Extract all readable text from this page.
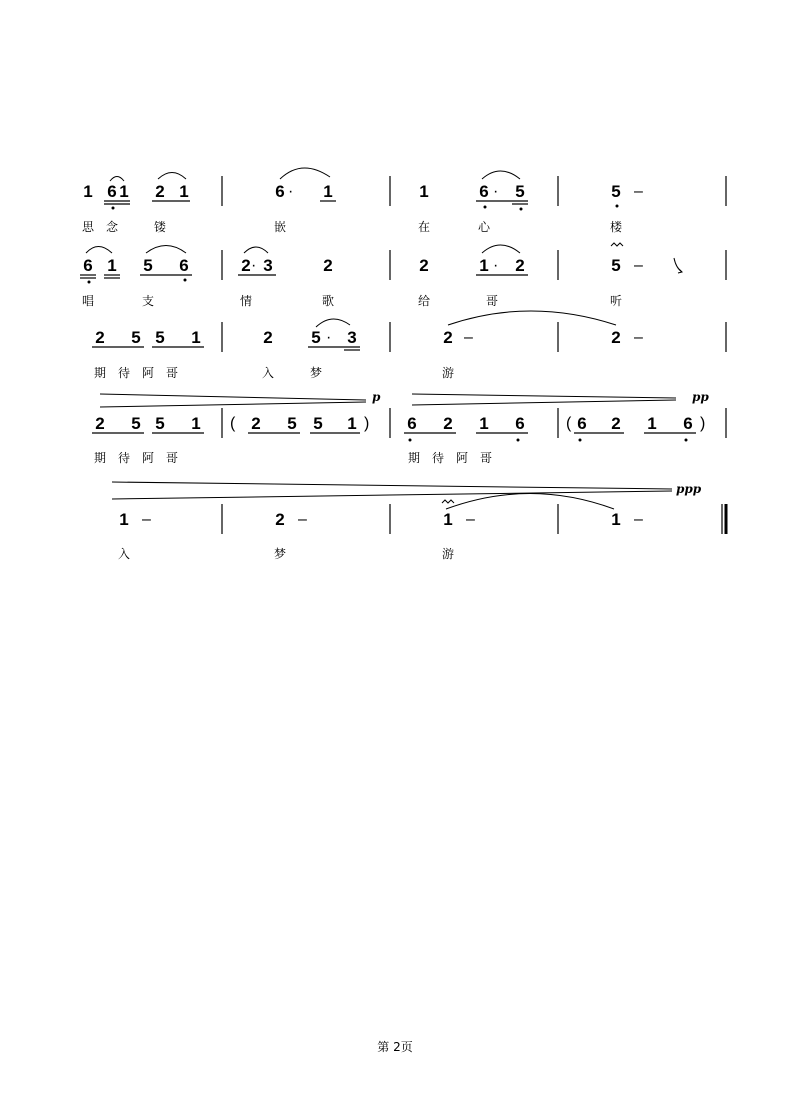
1 6 1 2 1	6 · 1	1	6 · 5	5 –
思 念	镂	嵌	在	心	楼
6 1 5 6	2 · 3	2	2	1 · 2	5 –
唱	支	情	歌	给	哥	听
2 5 5 1	2 5 · 3	2 –	2 –
期 待 阿 哥	入	梦	游
2 5 5 1 ( 2 5 5 1 ) 6 2 1 6	( 6 2 1 6 )
p	pp
期 待 阿 哥	期 待 阿 哥
1 –	2 –	1 –	1 –
ppp
入	梦	游
第 2页
